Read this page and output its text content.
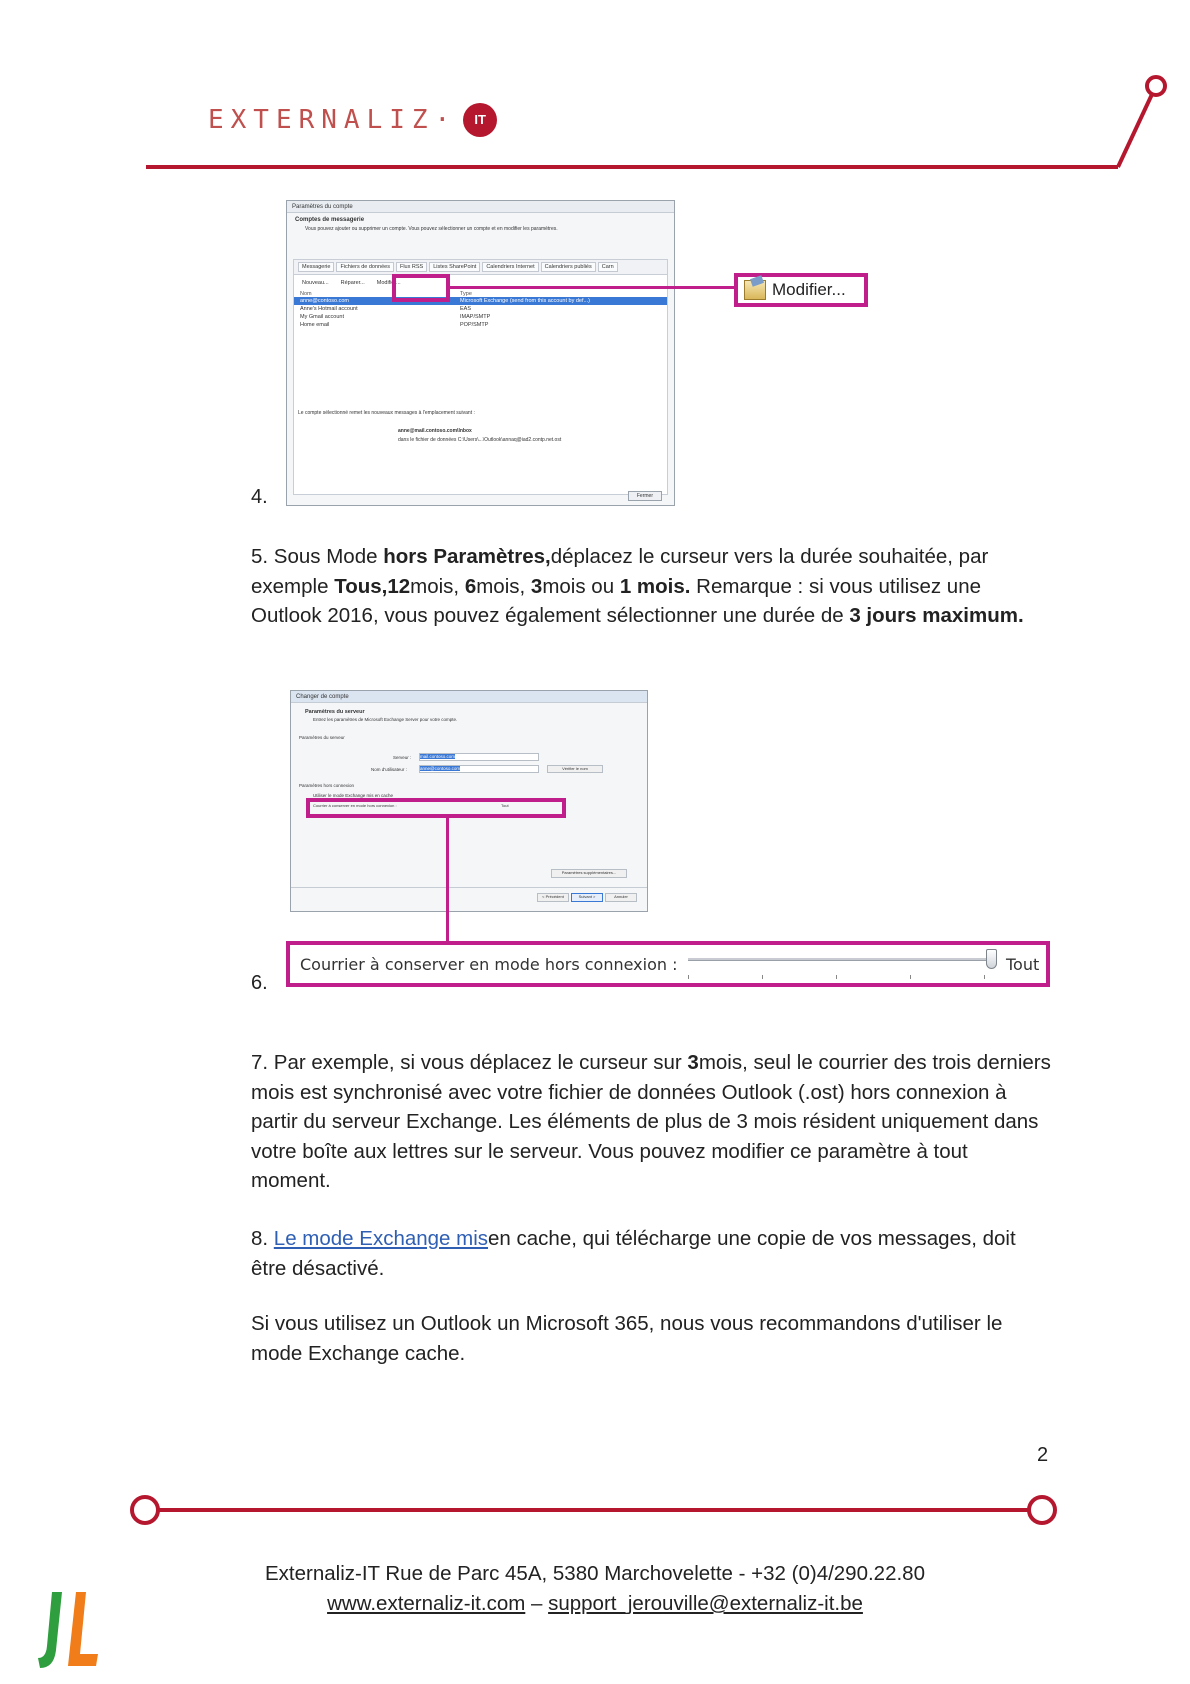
EXTERNALIZ·	IT
Paramètres du compte
Comptes de messagerie
Vous pouvez ajouter ou supprimer un compte. Vous pouvez sélectionner un compte et en modifier les paramètres.
Messagerie	Fichiers de données	Flux RSS	Listes SharePoint	Calendriers Internet	Calendriers publiés	Carn
Nouveau... Réparer... Modifier...
Nom	Type
anne@contoso.com	Microsoft Exchange (send from this account by def...)
Anne's Hotmail account	EAS
My Gmail account	IMAP/SMTP
Home email	POP/SMTP
Le compte sélectionné remet les nouveaux messages à l'emplacement suivant :
anne@mail.contoso.com\Inbox
dans le fichier de données C:\Users\...\Outlook\annaq@iad2.contp.net.ost
Fermer
Modifier...
4.
5. Sous Mode hors Paramètres,déplacez le curseur vers la durée souhaitée, par exemple Tous,12mois, 6mois, 3mois ou 1 mois. Remarque : si vous utilisez une Outlook 2016, vous pouvez également sélectionner une durée de 3 jours maximum.
Changer de compte
Paramètres du serveur
Entrez les paramètres de Microsoft Exchange Server pour votre compte.
Paramètres du serveur
Serveur : mail.contoso.com
Nom d'utilisateur :	anne@contoso.com	Vérifier le nom
Paramètres hors connexion
Utiliser le mode Exchange mis en cache
Courrier à conserver en mode hors connexion :	Tout
Paramètres supplémentaires...
< Précédent	Suivant >	Annuler
Courrier à conserver en mode hors connexion :	Tout
6.
7. Par exemple, si vous déplacez le curseur sur 3mois, seul le courrier des trois derniers mois est synchronisé avec votre fichier de données Outlook (.ost) hors connexion à partir du serveur Exchange. Les éléments de plus de 3 mois résident uniquement dans votre boîte aux lettres sur le serveur. Vous pouvez modifier ce paramètre à tout moment.
8. Le mode Exchange misen cache, qui télécharge une copie de vos messages, doit être désactivé.
Si vous utilisez un Outlook un Microsoft 365, nous vous recommandons d'utiliser le mode Exchange cache.
2
Externaliz-IT Rue de Parc 45A, 5380 Marchovelette - +32 (0)4/290.22.80
www.externaliz-it.com – support_jerouville@externaliz-it.be
